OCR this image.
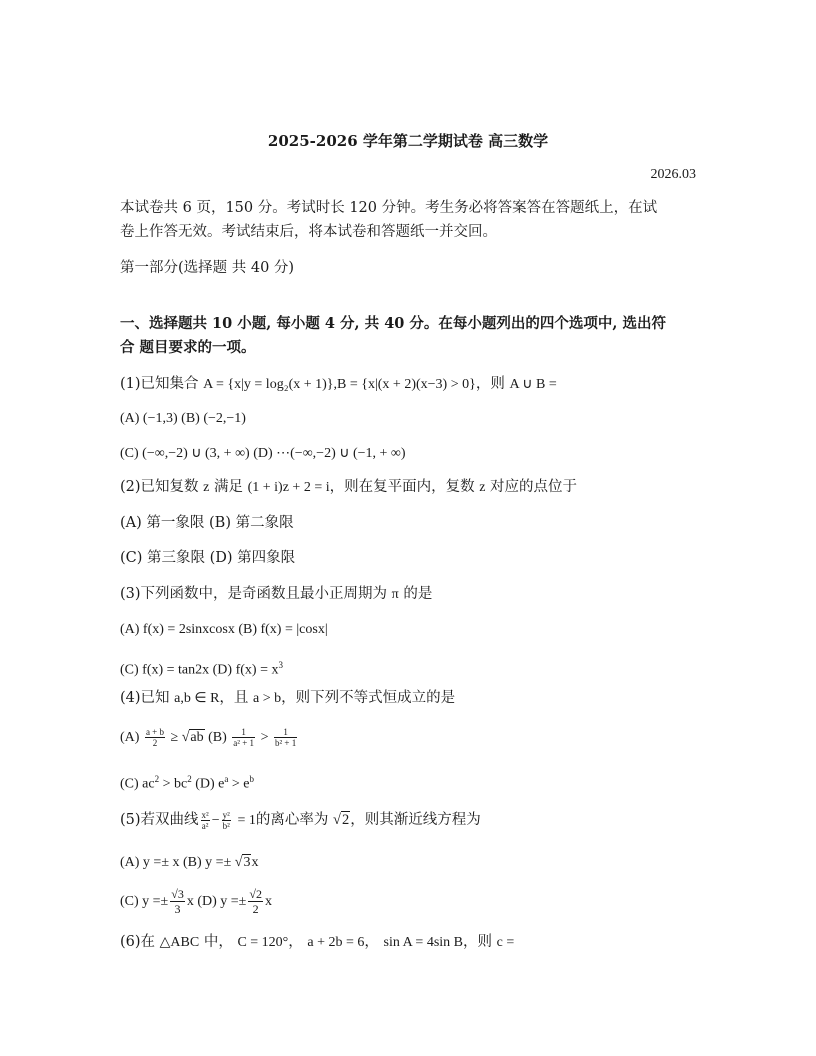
2025-2026 学年第二学期试卷 高三数学
2026.03
本试卷共 6 页，150 分。考试时长 120 分钟。考生务必将答案答在答题纸上，在试
卷上作答无效。考试结束后，将本试卷和答题纸一并交回。
第一部分(选择题 共 40 分)
一、选择题共 10 小题, 每小题 4 分, 共 40 分。在每小题列出的四个选项中, 选出符
合 题目要求的一项。
(1)已知集合 A = {x|y = log₂(x + 1)},B = {x|(x + 2)(x−3) > 0}，则 A ∪ B =
(A) (−1,3) (B) (−2,−1)
(C) (−∞,−2) ∪ (3, + ∞) (D) ⋯(−∞,−2) ∪ (−1, + ∞)
(2)已知复数 z 满足 (1 + i)z + 2 = i，则在复平面内，复数 z 对应的点位于
(A) 第一象限 (B) 第二象限
(C) 第三象限 (D) 第四象限
(3)下列函数中，是奇函数且最小正周期为 π 的是
(A) f(x) = 2sinxcosx (B) f(x) = |cosx|
(C) f(x) = tan2x (D) $f(x) = x^3$
(4)已知 a,b ∈ R，且 a > b，则下列不等式恒成立的是
$(A) \frac{a + b}{2} \ge √ab$ $(B) \frac{1}{\text{a² + 1}} > \frac{1}{\text{b² + 1}}$
(C) $ac^2 > bc^2$ (D) $e^a > e^b$
(5)若双曲线 $\frac{\text{x²}}{\text{a²}} - \frac{\text{y²}}{\text{b²}} = 1$的离心率为 √2，则其渐近线方程为
(A) y =± x (B) y =± √3x
(C) $y =\pm \frac{√3}{3}$ x (D) $y =\pm \frac{√2}{2}$ x
(6)在 △ABC 中， C = 120°， a + 2b = 6， sin A = 4sin B，则 c =
